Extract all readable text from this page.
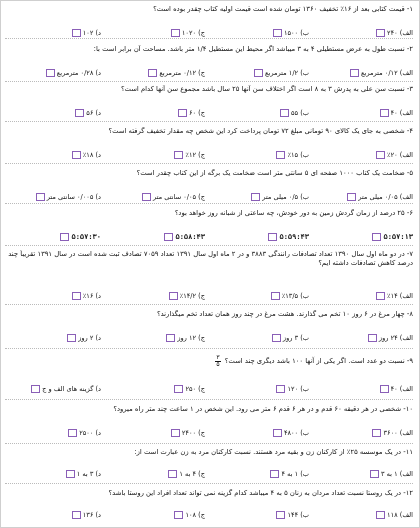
۱- قیمت کتابی بعد از ۱۶٪ تخفیف ۱۳۶۰ تومان شده است قیمت اولیه کتاب چقدر بوده است؟
الف) ۲۴۰
ب) ۱۵۰۰
ج) ۱۰۲۰
د) ۱۰۲
۲- نسبت طول به عرض مستطیلی ۴ به ۳ میباشد اگر محیط این مستطیل ۱/۴ متر باشد. مساحت آن برابر است با:
الف) ۰/۱۲ مترمربع
ب) ۱/۲ مترمربع
ج) ۰/۱۲ مترمربع
د) ۰/۲۸ مترمربع
۳- نسبت سن علی به پدرش ۳ به ۸ است اگر اختلاف سن آنها ۲۵ سال باشد مجموع سن آنها کدام است؟
الف) ۴۰
ب) ۵۵
ج) ۶۰
د) ۵۶
۴- شخصی به جای یک کالای ۹۰ تومانی مبلغ ۷۲ تومان پرداخت کرد این شخص چه مقدار تخفیف گرفته است؟
الف) ۲۰٪
ب) ۱۵٪
ج) ۱۲٪
د) ۱۸٪
۵- ضخامت یک کتاب ۱۰۰۰ صفحه ای ۵ سانتی متر است ضخامت یک برگه از این کتاب چقدر است؟
الف) ۰/۰۵ میلی متر
ب) ۰/۵ میلی متر
ج) ۰/۰۵ سانتی متر
د) ۰/۰۰۵ سانتی متر
۶- ۲۵ درصد از زمان گردش زمین به دور خودش، چه ساعتی از شبانه روز خواهد بود؟
۵:۵۷:۱۳
۵:۵۹:۴۳
۵:۵۸:۴۳
۵:۵۷:۳۰
۷- در دو ماه اول سال ۱۳۹۰ تعداد تصادفات رانندگی ۳۸۸۳ و در ۲ ماه اول سال ۱۳۹۱ تعداد ۷۰۵۹ تصادف ثبت شده است در سال ۱۳۹۱ تقریباً چند درصد کاهش تصادفات داشته ایم؟
الف) ۱۴٪
ب) ۱۳/۵٪
ج) ۱۴/۲٪
د) ۱۶٪
۸- چهار مرغ در ۶ روز ۱۰ تخم می گذارند. هشت مرغ در چند روز همان تعداد تخم میگذارند؟
الف) ۲۴ روز
ب) ۳ روز
ج) ۱۲ روز
د) ۲ روز
۹- نسبت دو عدد است. اگر یکی از آنها ۱۰۰ باشد دیگری چند است؟
$\frac{۳}{۵}$
الف) ۴۰
ب) ۱۲۰
ج) ۲۵۰
د) گزینه های الف و ج
۱۰- شخصی در هر دقیقه ۶۰ قدم و در هر ۶ قدم ۶ متر می رود. این شخص در ۱ ساعت چند متر راه میرود؟
الف) ۳۶۰۰
ب) ۴۸۰۰
ج) ۲۴۰۰
د) ۲۵۰۰
۱۱- در یک موسسه ۲۵٪ از کارکنان زن و بقیه مرد هستند. نسبت کارکنان مرد به زن عبارت است از:
الف) ۱ به ۳
ب) ۱ به ۴
ج) ۴ به ۱
د) ۳ به ۱
۱۲- در یک روستا نسبت تعداد مردان به زنان ۵ به ۴ میباشد کدام گزینه نمی تواند تعداد افراد این روستا باشد؟
الف) ۱۱۸
ب) ۱۴۴
ج) ۱۰۸
د) ۱۳۶
